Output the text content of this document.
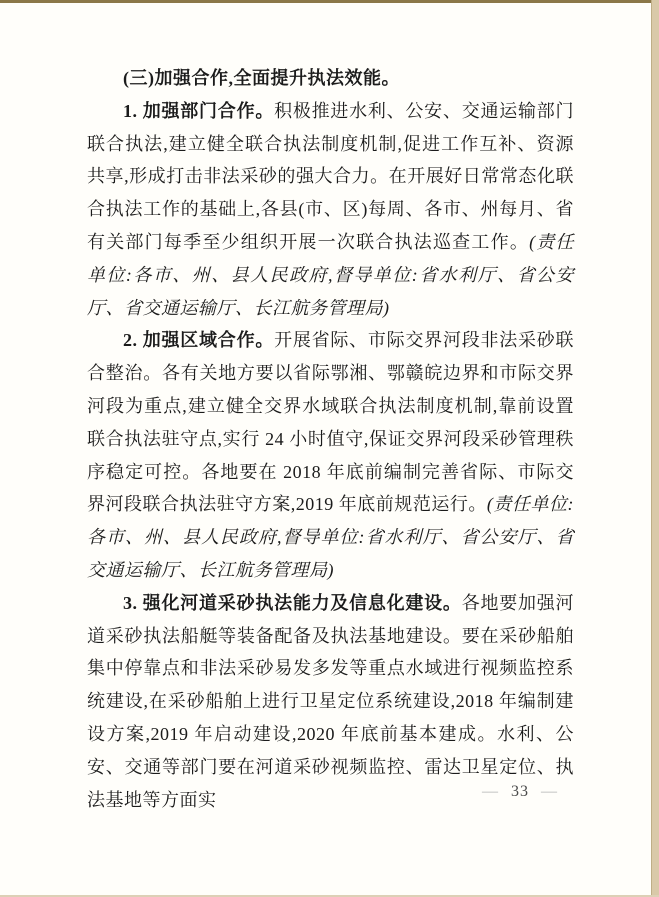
(三)加强合作,全面提升执法效能。

1. 加强部门合作。积极推进水利、公安、交通运输部门联合执法,建立健全联合执法制度机制,促进工作互补、资源共享,形成打击非法采砂的强大合力。在开展好日常常态化联合执法工作的基础上,各县(市、区)每周、各市、州每月、省有关部门每季至少组织开展一次联合执法巡查工作。(责任单位:各市、州、县人民政府,督导单位:省水利厅、省公安厅、省交通运输厅、长江航务管理局)

2. 加强区域合作。开展省际、市际交界河段非法采砂联合整治。各有关地方要以省际鄂湘、鄂赣皖边界和市际交界河段为重点,建立健全交界水域联合执法制度机制,靠前设置联合执法驻守点,实行 24 小时值守,保证交界河段采砂管理秩序稳定可控。各地要在 2018 年底前编制完善省际、市际交界河段联合执法驻守方案,2019 年底前规范运行。(责任单位:各市、州、县人民政府,督导单位:省水利厅、省公安厅、省交通运输厅、长江航务管理局)

3. 强化河道采砂执法能力及信息化建设。各地要加强河道采砂执法船艇等装备配备及执法基地建设。要在采砂船舶集中停靠点和非法采砂易发多发等重点水域进行视频监控系统建设,在采砂船舶上进行卫星定位系统建设,2018 年编制建设方案,2019 年启动建设,2020 年底前基本建成。水利、公安、交通等部门要在河道采砂视频监控、雷达卫星定位、执法基地等方面实	— 33 —
